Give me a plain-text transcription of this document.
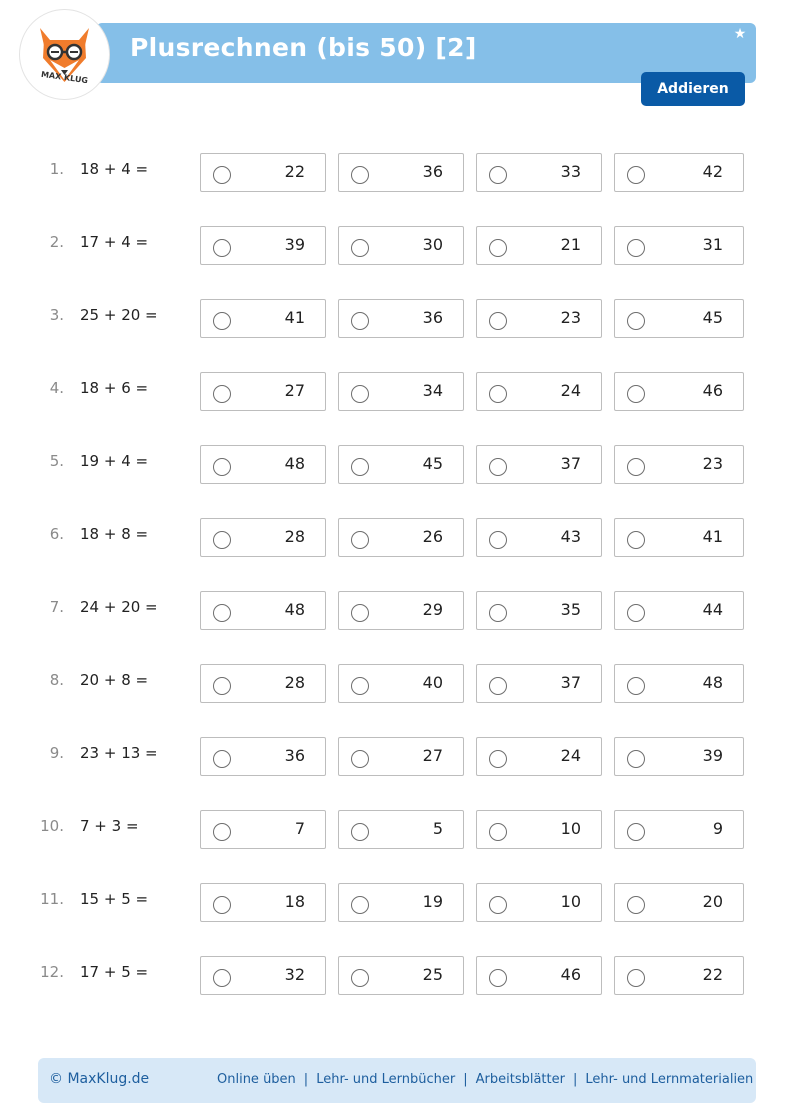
Plusrechnen (bis 50) [2]	★
Addieren
MAX KLUG
1. 18 + 4 =	22	36	33	42
2. 17 + 4 =	39	30	21	31
3. 25 + 20 =	41	36	23	45
4. 18 + 6 =	27	34	24	46
5. 19 + 4 =	48	45	37	23
6. 18 + 8 =	28	26	43	41
7. 24 + 20 =	48	29	35	44
8. 20 + 8 =	28	40	37	48
9. 23 + 13 =	36	27	24	39
10. 7 + 3 =	7	5	10	9
11. 15 + 5 =	18	19	10	20
12. 17 + 5 =	32	25	46	22
© MaxKlug.de	Online üben | Lehr- und Lernbücher | Arbeitsblätter | Lehr- und Lernmaterialien
